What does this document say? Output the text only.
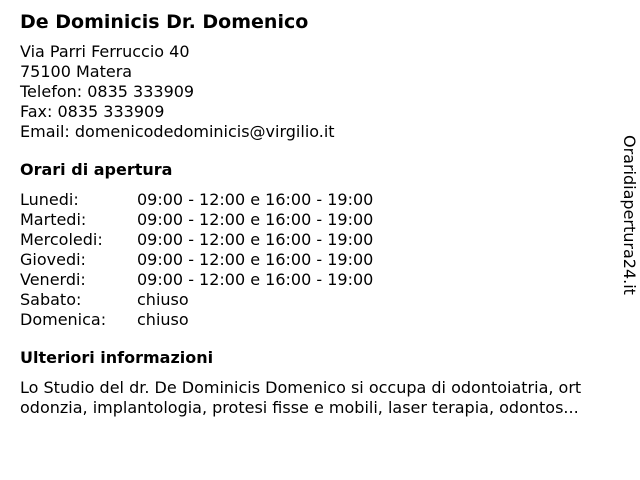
De Dominicis Dr. Domenico
Via Parri Ferruccio 40
75100 Matera
Telefon: 0835 333909
Fax: 0835 333909
Email: domenicodedominicis@virgilio.it
Orari di apertura
Lunedi:	09:00 - 12:00 e 16:00 - 19:00
Martedi:	09:00 - 12:00 e 16:00 - 19:00
Mercoledi:	09:00 - 12:00 e 16:00 - 19:00
Giovedi:	09:00 - 12:00 e 16:00 - 19:00
Venerdi:	09:00 - 12:00 e 16:00 - 19:00
Sabato:	chiuso
Domenica:	chiuso
Ulteriori informazioni
Lo Studio del dr. De Dominicis Domenico si occupa di odontoiatria, ort
odonzia, implantologia, protesi fisse e mobili, laser terapia, odontos...
Oraridiapertura24.it
